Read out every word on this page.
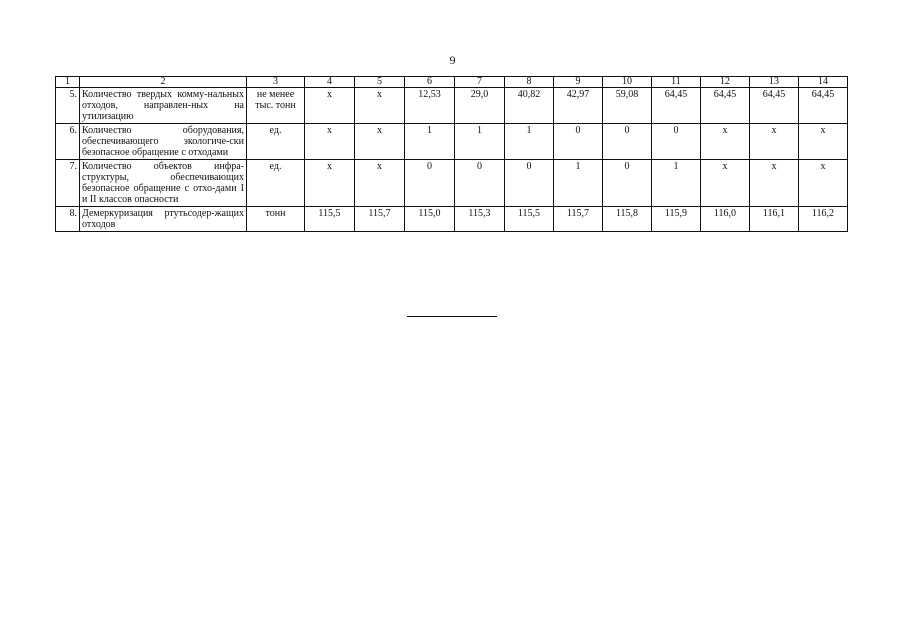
9
1	2	3	4	5	6	7	8	9	10	11	12	13	14
5.	Количество твердых комму-нальных отходов, направлен-ных на утилизацию	не менее тыс. тонн	х	х	12,53	29,0	40,82	42,97	59,08	64,45	64,45	64,45	64,45
6.	Количество оборудования, обеспечивающего экологиче-ски безопасное обращение с отходами	ед.	х	х	1	1	1	0	0	0	х	х	х
7.	Количество объектов инфра-структуры, обеспечивающих безопасное обращение с отхо-дами I и II классов опасности	ед.	х	х	0	0	0	1	0	1	х	х	х
8.	Демеркуризация ртутьсодер-жащих отходов	тонн	115,5	115,7	115,0	115,3	115,5	115,7	115,8	115,9	116,0	116,1	116,2
